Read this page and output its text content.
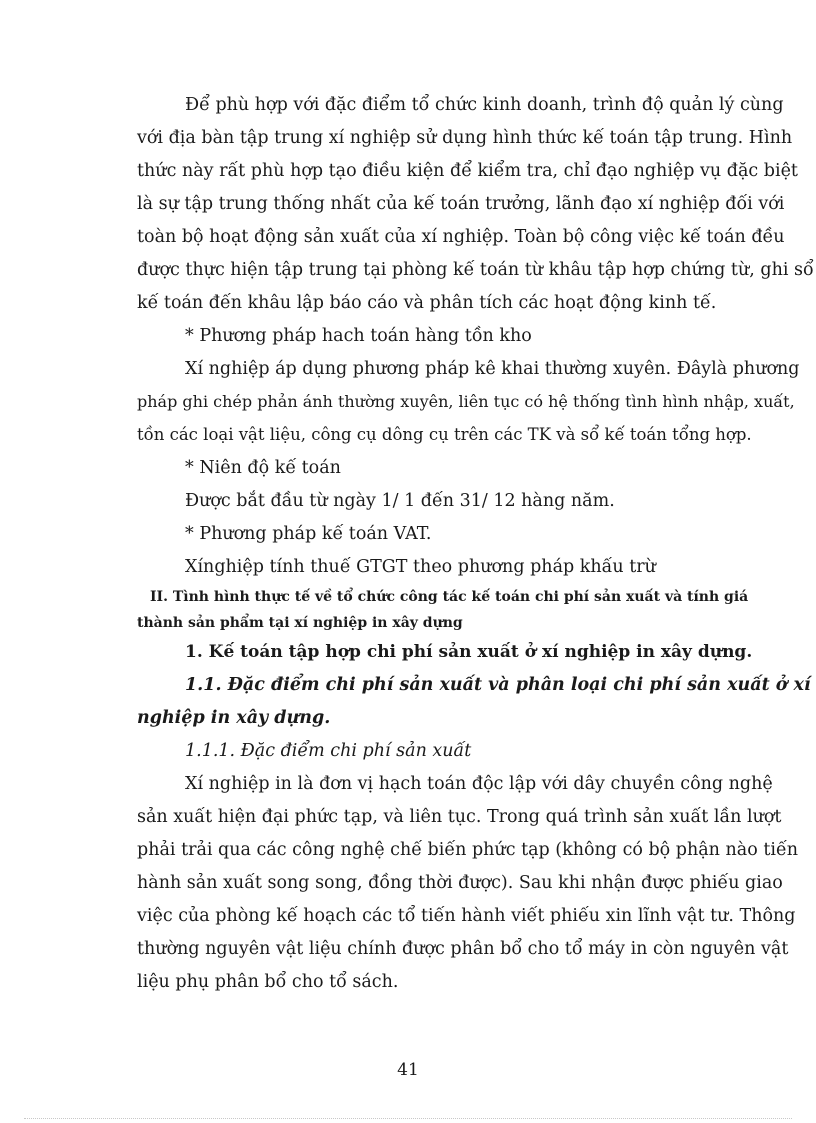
Để phù hợp với đặc điểm tổ chức kinh doanh, trình độ quản lý cùng
với địa bàn tập trung xí nghiệp sử dụng hình thức kế toán tập trung. Hình
thức này rất phù hợp tạo điều kiện để kiểm tra, chỉ đạo nghiệp vụ đặc biệt
là sự tập trung thống nhất của kế toán trưởng, lãnh đạo xí nghiệp đối với
toàn bộ hoạt động sản xuất của xí nghiệp. Toàn bộ công việc kế toán đều
được thực hiện tập trung tại phòng kế toán từ khâu tập hợp chứng từ, ghi sổ
kế toán đến khâu lập báo cáo và phân tích các hoạt động kinh tế.
* Phương pháp hach toán hàng tồn kho
Xí nghiệp áp dụng phương pháp kê khai thường xuyên. Đâylà phương
pháp ghi chép phản ánh thường xuyên, liên tục có hệ thống tình hình nhập, xuất,
tồn các loại vật liệu, công cụ dông cụ trên các TK và sổ kế toán tổng hợp.
* Niên độ kế toán
Được bắt đầu từ ngày 1/ 1 đến 31/ 12 hàng năm.
* Phương pháp kế toán VAT.
Xínghiệp tính thuế GTGT theo phương pháp khấu trừ
II. Tình hình thực tế về tổ chức công tác kế toán chi phí sản xuất và tính giá
thành sản phẩm tại xí nghiệp in xây dựng
1. Kế toán tập hợp chi phí sản xuất ở xí nghiệp in xây dựng.
1.1. Đặc điểm chi phí sản xuất và phân loại chi phí sản xuất ở xí
nghiệp in xây dựng.
1.1.1. Đặc điểm chi phí sản xuất
Xí nghiệp in là đơn vị hạch toán độc lập với dây chuyền công nghệ
sản xuất hiện đại phức tạp, và liên tục. Trong quá trình sản xuất lần lượt
phải trải qua các công nghệ chế biến phức tạp (không có bộ phận nào tiến
hành sản xuất song song, đồng thời được). Sau khi nhận được phiếu giao
việc của phòng kế hoạch các tổ tiến hành viết phiếu xin lĩnh vật tư. Thông
thường nguyên vật liệu chính được phân bổ cho tổ máy in còn nguyên vật
liệu phụ phân bổ cho tổ sách.
41
